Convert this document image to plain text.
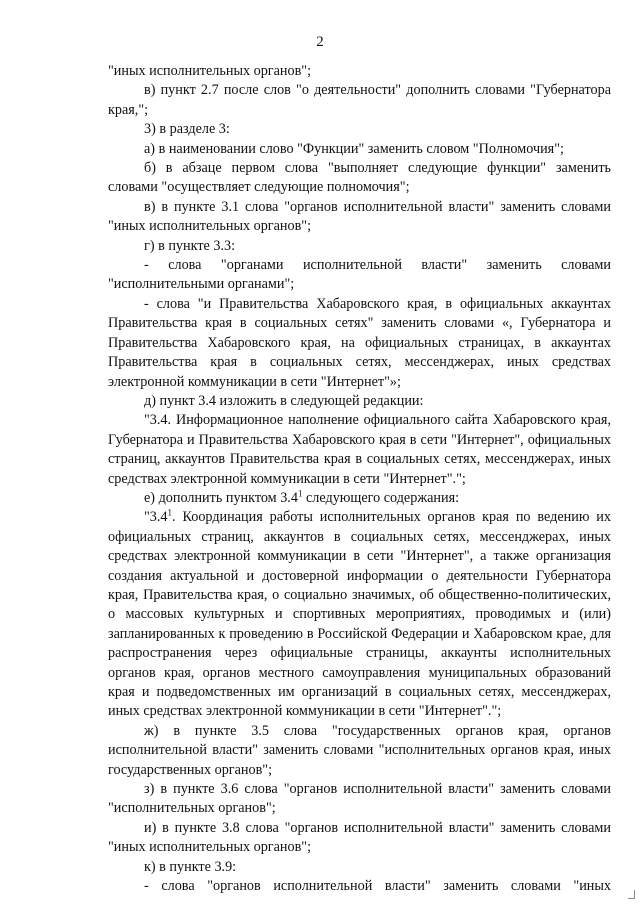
2

"иных исполнительных органов";

в) пункт 2.7 после слов "о деятельности" дополнить словами "Губернатора края,";

3) в разделе 3:

а) в наименовании слово "Функции" заменить словом "Полномочия";

б) в абзаце первом слова "выполняет следующие функции" заменить словами "осуществляет следующие полномочия";

в) в пункте 3.1 слова "органов исполнительной власти" заменить словами "иных исполнительных органов";

г) в пункте 3.3:

- слова "органами исполнительной власти" заменить словами "исполнительными органами";

- слова "и Правительства Хабаровского края, в официальных аккаунтах Правительства края в социальных сетях" заменить словами «, Губернатора и Правительства Хабаровского края, на официальных страницах, в аккаунтах Правительства края в социальных сетях, мессенджерах, иных средствах электронной коммуникации в сети "Интернет"»;

д) пункт 3.4 изложить в следующей редакции:

"3.4. Информационное наполнение официального сайта Хабаровского края, Губернатора и Правительства Хабаровского края в сети "Интернет", официальных страниц, аккаунтов Правительства края в социальных сетях, мессенджерах, иных средствах электронной коммуникации в сети "Интернет".";

е) дополнить пунктом $3.4^1$ следующего содержания:

"$3.4^1$. Координация работы исполнительных органов края по ведению их официальных страниц, аккаунтов в социальных сетях, мессенджерах, иных средствах электронной коммуникации в сети "Интернет", а также организация создания актуальной и достоверной информации о деятельности Губернатора края, Правительства края, о социально значимых, об общественно-политических, о массовых культурных и спортивных мероприятиях, проводимых и (или) запланированных к проведению в Российской Федерации и Хабаровском крае, для распространения через официальные страницы, аккаунты исполнительных органов края, органов местного самоуправления муниципальных образований края и подведомственных им организаций в социальных сетях, мессенджерах, иных средствах электронной коммуникации в сети "Интернет".";

ж) в пункте 3.5 слова "государственных органов края, органов исполнительной власти" заменить словами "исполнительных органов края, иных государственных органов";

з) в пункте 3.6 слова "органов исполнительной власти" заменить словами "исполнительных органов";

и) в пункте 3.8 слова "органов исполнительной власти" заменить словами "иных исполнительных органов";

к) в пункте 3.9:

- слова "органов исполнительной власти" заменить словами "иных
